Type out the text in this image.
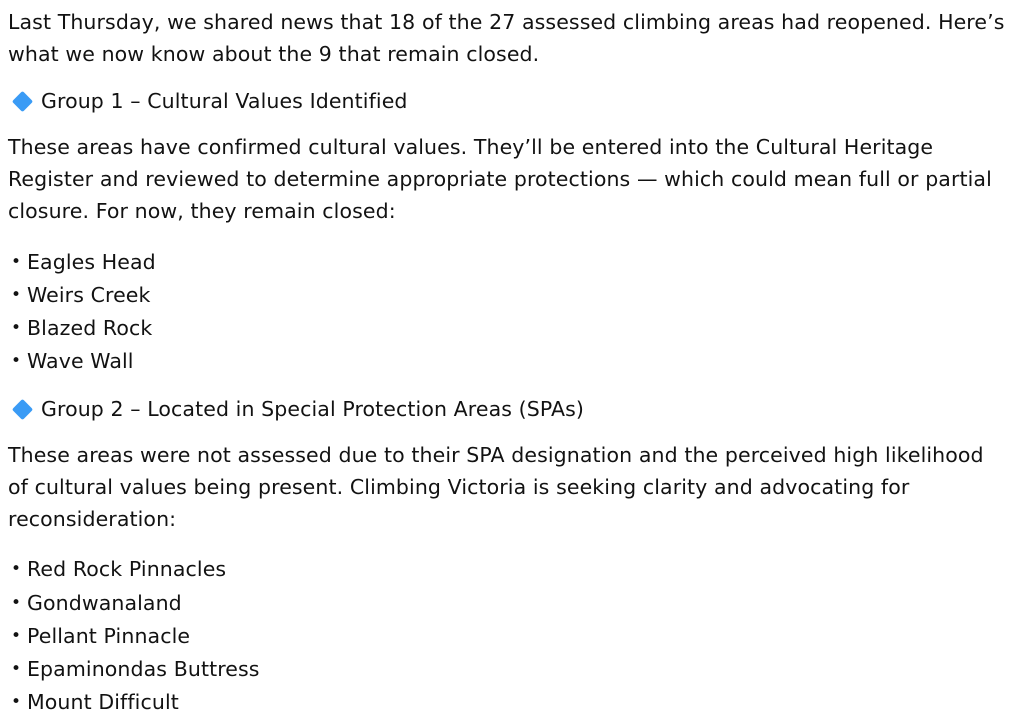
Last Thursday, we shared news that 18 of the 27 assessed climbing areas had reopened. Here’s what we now know about the 9 that remain closed.

Group 1 – Cultural Values Identified

These areas have confirmed cultural values. They’ll be entered into the Cultural Heritage Register and reviewed to determine appropriate protections — which could mean full or partial closure. For now, they remain closed:

• Eagles Head
• Weirs Creek
• Blazed Rock
• Wave Wall
Group 2 – Located in Special Protection Areas (SPAs)

These areas were not assessed due to their SPA designation and the perceived high likelihood of cultural values being present. Climbing Victoria is seeking clarity and advocating for reconsideration:

• Red Rock Pinnacles
• Gondwanaland
• Pellant Pinnacle
• Epaminondas Buttress
• Mount Difficult
